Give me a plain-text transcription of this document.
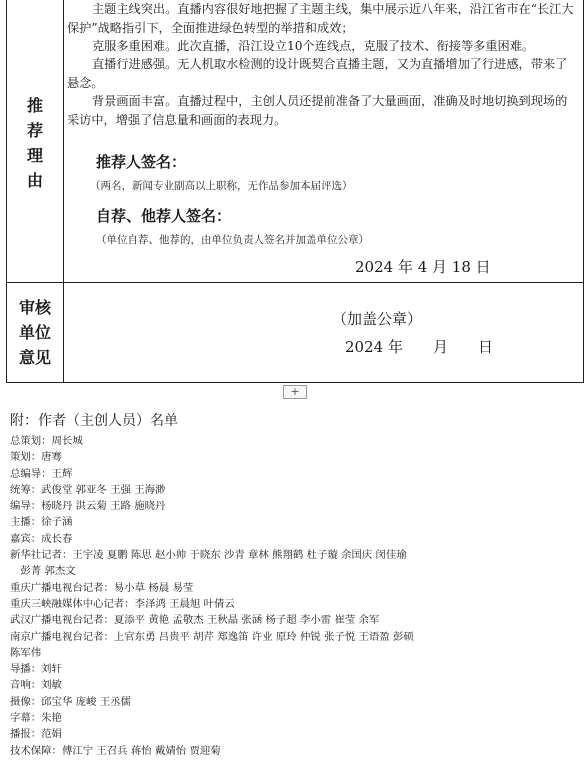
推
荐
理
由
审核
单位
意见
主题主线突出。直播内容很好地把握了主题主线，集中展示近八年来，沿江省市在“长江大保护”战略指引下，全面推进绿色转型的举措和成效；
克服多重困难。此次直播，沿江设立10个连线点，克服了技术、衔接等多重困难。
直播行进感强。无人机取水检测的设计既契合直播主题，又为直播增加了行进感，带来了悬念。
背景画面丰富。直播过程中，主创人员还提前准备了大量画面，准确及时地切换到现场的采访中，增强了信息量和画面的表现力。
推荐人签名：
（两名，新闻专业副高以上职称，无作品参加本届评选）
自荐、他荐人签名：
（单位自荐、他荐的，由单位负责人签名并加盖单位公章）
2024 年 4 月 18 日
（加盖公章）
2024 年　　月　　日
+
附：作者（主创人员）名单
总策划：周长城
策划：唐骞
总编导：王辉
统筹：武俊堂 郭亚冬 王强 王海渺
编导：杨晓丹 洪云菊 王路 施晓丹
主播：徐子涵
嘉宾：成长春
新华社记者：王宇凌 夏鹏 陈思 赵小帅 于晓东 沙青 章林 熊翔鹤 杜子璇 余国庆 闵佳瑜
　彭菁 郭杰文
重庆广播电视台记者：易小草 杨晨 易莹
重庆三峡融媒体中心记者：李泽鸿 王晨旭 叶倩云
武汉广播电视台记者：夏添平 黄艳 孟敬杰 王秋晶 张涵 杨子超 李小雷 崔莹 余军
南京广播电视台记者：上官东勇 吕贵平 胡芹 郑逸笛 许业 原玲 仲锐 张子悦 王语盈 彭硕
陈军伟
导播：刘轩
音响：刘敏
摄像：邱宝华 庞峻 王丞儒
字幕：朱艳
播报：范娟
技术保障：傅江宁 王召兵 蒋怡 戴婧怡 贾迎菊
